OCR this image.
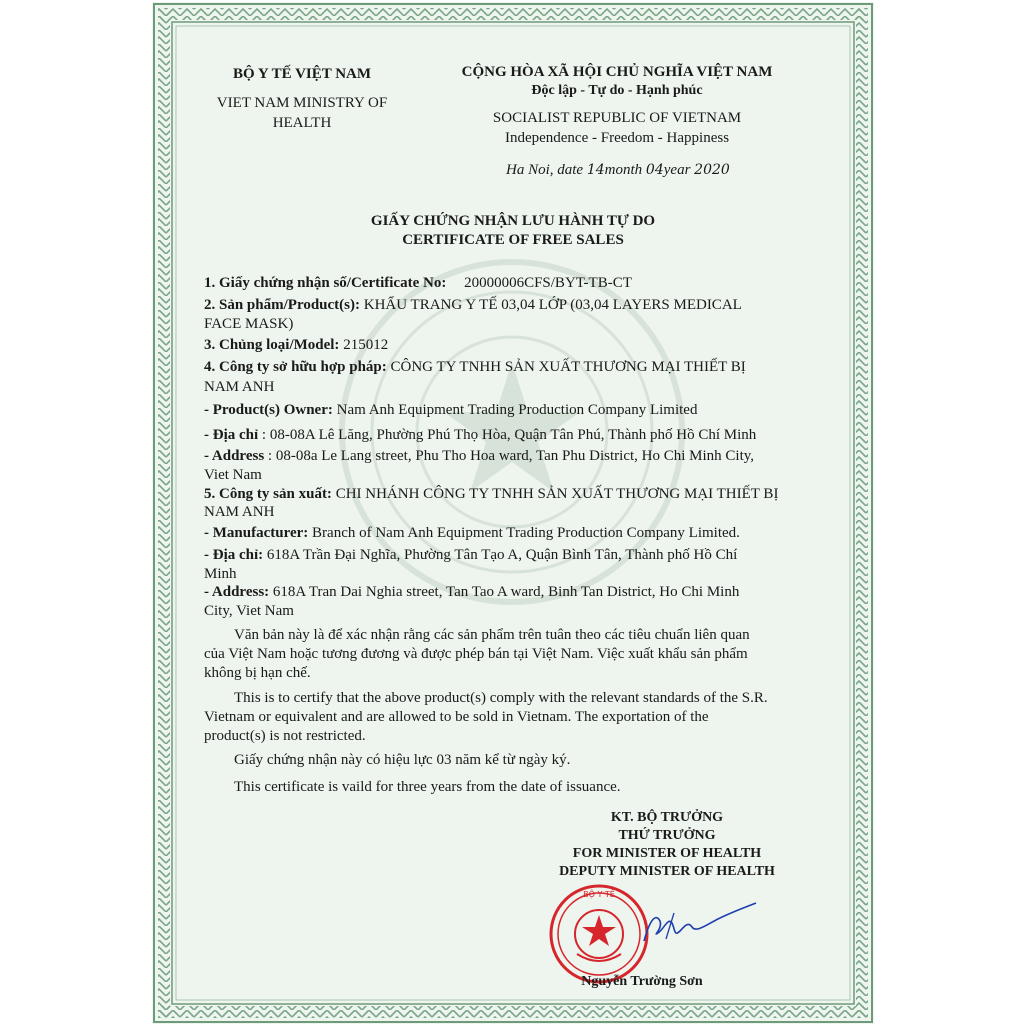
BỘ Y TẾ VIỆT NAM
VIET NAM MINISTRY OF
HEALTH
CỘNG HÒA XÃ HỘI CHỦ NGHĨA VIỆT NAM
Độc lập - Tự do - Hạnh phúc
SOCIALIST REPUBLIC OF VIETNAM
Independence - Freedom - Happiness
Ha Noi, date 14month 04year 2020
GIẤY CHỨNG NHẬN LƯU HÀNH TỰ DO
CERTIFICATE OF FREE SALES
1. Giấy chứng nhận số/Certificate No: 20000006CFS/BYT-TB-CT
2. Sản phẩm/Product(s): KHẨU TRANG Y TẾ 03,04 LỚP (03,04 LAYERS MEDICAL
FACE MASK)
3. Chủng loại/Model: 215012
4. Công ty sở hữu hợp pháp: CÔNG TY TNHH SẢN XUẤT THƯƠNG MẠI THIẾT BỊ
NAM ANH
- Product(s) Owner: Nam Anh Equipment Trading Production Company Limited
- Địa chỉ : 08-08A Lê Lăng, Phường Phú Thọ Hòa, Quận Tân Phú, Thành phố Hồ Chí Minh
- Address : 08-08a Le Lang street, Phu Tho Hoa ward, Tan Phu District, Ho Chi Minh City,
Viet Nam
5. Công ty sản xuất: CHI NHÁNH CÔNG TY TNHH SẢN XUẤT THƯƠNG MẠI THIẾT BỊ
NAM ANH
- Manufacturer: Branch of Nam Anh Equipment Trading Production Company Limited.
- Địa chỉ: 618A Trần Đại Nghĩa, Phường Tân Tạo A, Quận Bình Tân, Thành phố Hồ Chí
Minh
- Address: 618A Tran Dai Nghia street, Tan Tao A ward, Binh Tan District, Ho Chi Minh
City, Viet Nam
Văn bản này là để xác nhận rằng các sản phẩm trên tuân theo các tiêu chuẩn liên quan
của Việt Nam hoặc tương đương và được phép bán tại Việt Nam. Việc xuất khẩu sản phẩm
không bị hạn chế.
This is to certify that the above product(s) comply with the relevant standards of the S.R.
Vietnam or equivalent and are allowed to be sold in Vietnam. The exportation of the
product(s) is not restricted.
Giấy chứng nhận này có hiệu lực 03 năm kể từ ngày ký.
This certificate is vaild for three years from the date of issuance.
KT. BỘ TRƯỞNG
THỨ TRƯỞNG
FOR MINISTER OF HEALTH
DEPUTY MINISTER OF HEALTH
BỘ Y TẾ
Nguyễn Trường Sơn
